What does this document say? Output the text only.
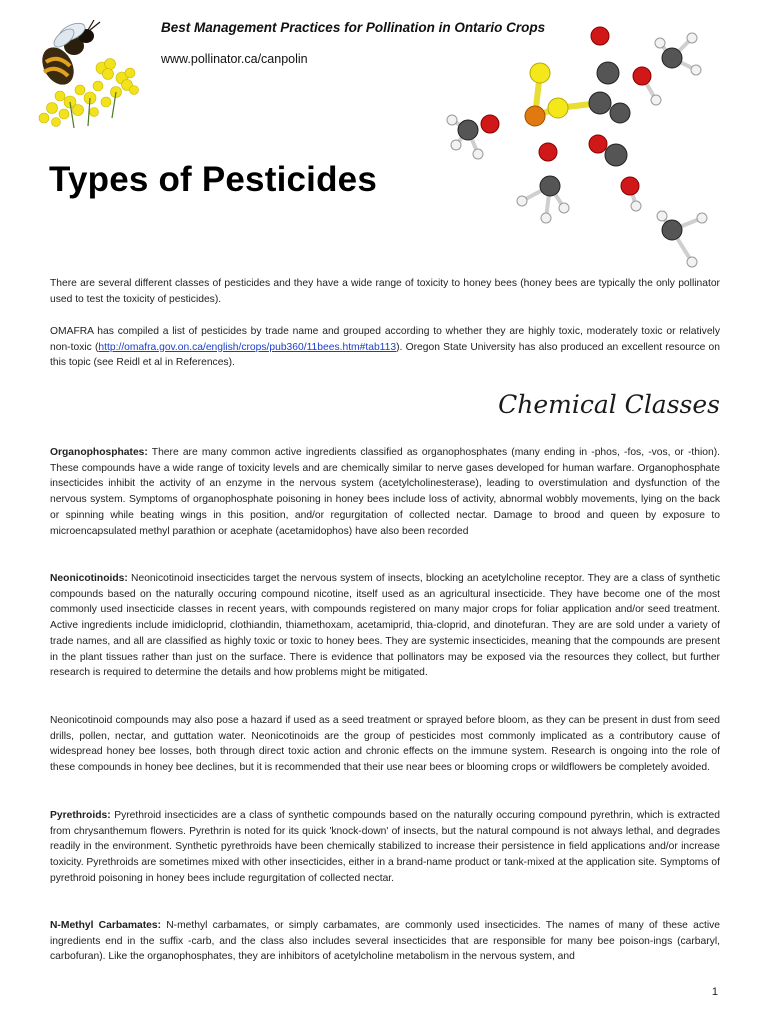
Best Management Practices for Pollination in Ontario Crops
www.pollinator.ca/canpolin
Types of Pesticides

There are several different classes of pesticides and they have a wide range of toxicity to honey bees (honey bees are typically the only pollinator used to test the toxicity of pesticides).

OMAFRA has compiled a list of pesticides by trade name and grouped according to whether they are highly toxic, moderately toxic or relatively non-toxic (http://omafra.gov.on.ca/english/crops/pub360/11bees.htm#tab113). Oregon State University has also produced an excellent resource on this topic (see Reidl et al in References).

Chemical Classes

Organophosphates: There are many common active ingredients classified as organophosphates (many ending in -phos, -fos, -vos, or -thion). These compounds have a wide range of toxicity levels and are chemically similar to nerve gases developed for human warfare. Organophosphate insecticides inhibit the activity of an enzyme in the nervous system (acetylcholinesterase), leading to overstimulation and dysfunction of the nervous system. Symptoms of organophosphate poisoning in honey bees include loss of activity, abnormal wobbly movements, lying on the back or spinning while beating wings in this position, and/or regurgitation of collected nectar. Damage to brood and queen by exposure to microencapsulated methyl parathion or acephate (acetamidophos) have also been recorded

Neonicotinoids: Neonicotinoid insecticides target the nervous system of insects, blocking an acetylcholine receptor. They are a class of synthetic compounds based on the naturally occuring compound nicotine, itself used as an agricultural insecticide. They have become one of the most commonly used insecticide classes in recent years, with compounds registered on many major crops for foliar application and/or seed treatment. Active ingredients include imidicloprid, clothiandin, thiamethoxam, acetamiprid, thia-cloprid, and dinotefuran. They are are sold under a variety of trade names, and all are classified as highly toxic or toxic to honey bees. They are systemic insecticides, meaning that the compounds are present in the plant tissues rather than just on the surface. There is evidence that pollinators may be exposed via the resources they collect, but further research is required to determine the details and how problems might be mitigated.

Neonicotinoid compounds may also pose a hazard if used as a seed treatment or sprayed before bloom, as they can be present in dust from seed drills, pollen, nectar, and guttation water. Neonicotinoids are the group of pesticides most commonly implicated as a contributory cause of widespread honey bee losses, both through direct toxic action and chronic effects on the immune system. Research is ongoing into the role of these compounds in honey bee declines, but it is recommended that their use near bees or blooming crops or wildflowers be completely avoided.

Pyrethroids: Pyrethroid insecticides are a class of synthetic compounds based on the naturally occuring compound pyrethrin, which is extracted from chrysanthemum flowers. Pyrethrin is noted for its quick 'knock-down' of insects, but the natural compound is not always lethal, and degrades readily in the environment. Synthetic pyrethroids have been chemically stabilized to increase their persistence in field applications and/or increase toxicity. Pyrethroids are sometimes mixed with other insecticides, either in a brand-name product or tank-mixed at the application site. Symptoms of pyrethroid poisoning in honey bees include regurgitation of collected nectar.

N-Methyl Carbamates: N-methyl carbamates, or simply carbamates, are commonly used insecticides. The names of many of these active ingredients end in the suffix -carb, and the class also includes several insecticides that are responsible for many bee poison-ings (carbaryl, carbofuran). Like the organophosphates, they are inhibitors of acetylcholine metabolism in the nervous system, and

1
